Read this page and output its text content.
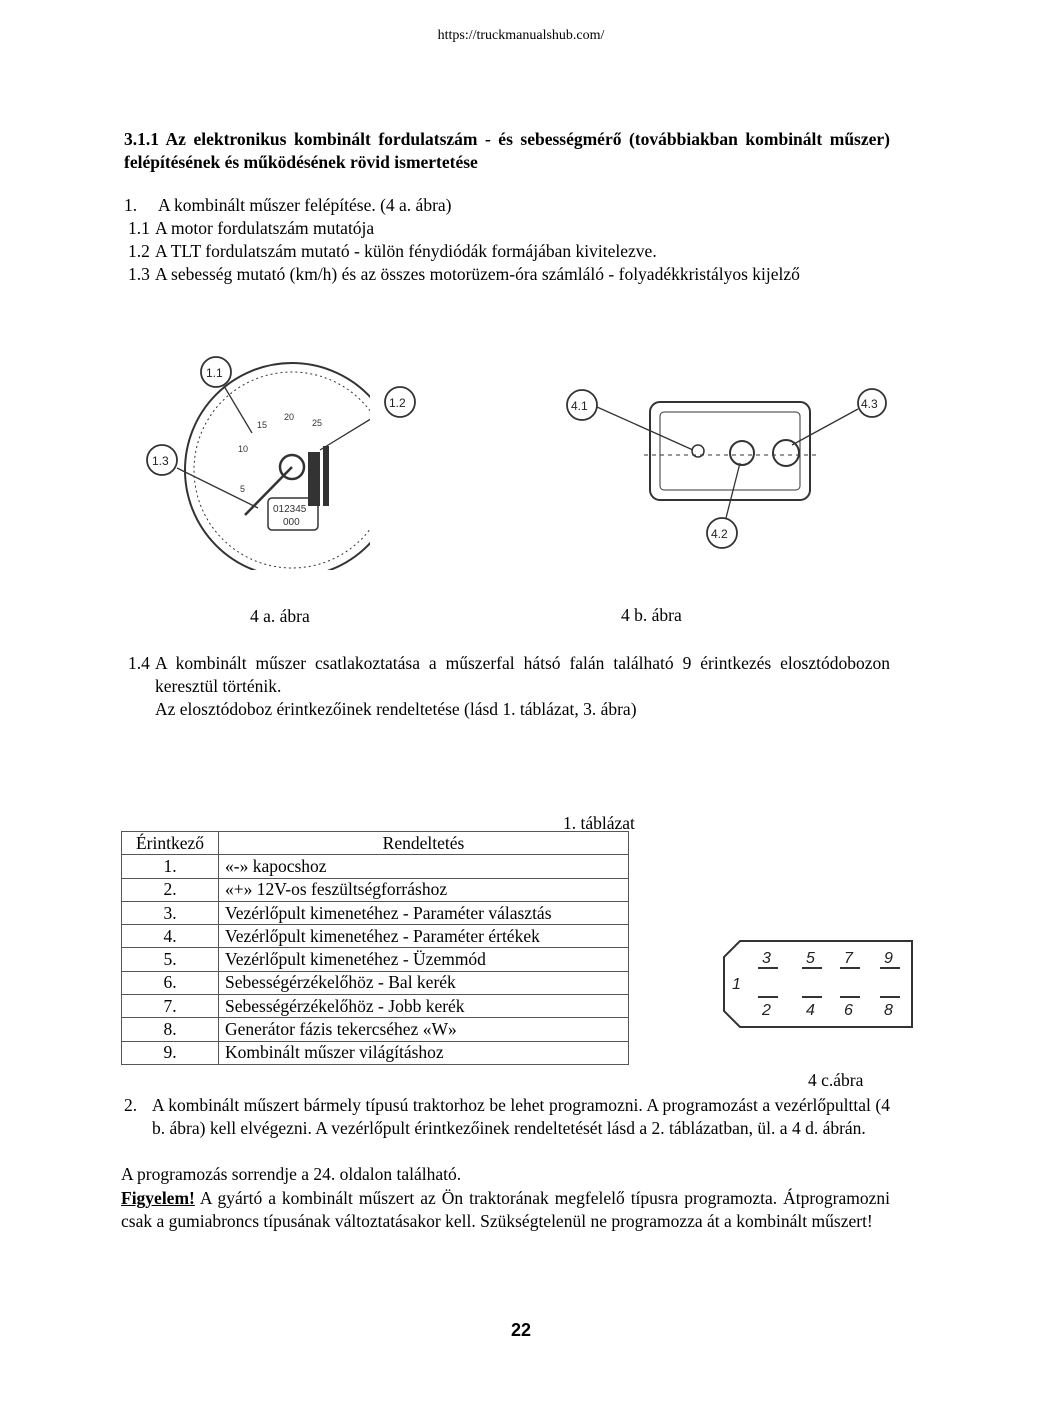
https://truckmanualshub.com/
3.1.1 Az elektronikus kombinált fordulatszám - és sebességmérő (továbbiakban kombinált műszer) felépítésének és működésének rövid ismertetése
1. A kombinált műszer felépítése. (4 a. ábra)
1.1 A motor fordulatszám mutatója
1.2 A TLT fordulatszám mutató - külön fénydiódák formájában kivitelezve.
1.3 A sebesség mutató (km/h) és az összes motorüzem-óra számláló - folyadékkristályos kijelző
5
10
15
20
25
012345
000
1.1
1.3
1.2	4.1	4.3
4.2
4 a. ábra	4 b. ábra
1.4 A kombinált műszer csatlakoztatása a műszerfal hátsó falán található 9 érintkezés elosztódobozon keresztül történik.
Az elosztódoboz érintkezőinek rendeltetése (lásd 1. táblázat, 3. ábra)
1. táblázat
Érintkező	Rendeltetés
1.	«-» kapocshoz
2.	«+» 12V-os feszültségforráshoz
3.	Vezérlőpult kimenetéhez - Paraméter választás
4.	Vezérlőpult kimenetéhez - Paraméter értékek
5.	Vezérlőpult kimenetéhez - Üzemmód
6.	Sebességérzékelőhöz - Bal kerék
7.	Sebességérzékelőhöz - Jobb kerék
8.	Generátor fázis tekercséhez «W»
9.	Kombinált műszer világításhoz
3 5 7 9
2 4 6 8
1
4 c.ábra
2. A kombinált műszert bármely típusú traktorhoz be lehet programozni. A programozást a vezérlőpulttal (4 b. ábra) kell elvégezni. A vezérlőpult érintkezőinek rendeltetését lásd a 2. táblázatban, ül. a 4 d. ábrán.
A programozás sorrendje a 24. oldalon található.
Figyelem! A gyártó a kombinált műszert az Ön traktorának megfelelő típusra programozta. Átprogramozni csak a gumiabroncs típusának változtatásakor kell. Szükségtelenül ne programozza át a kombinált műszert!
22
